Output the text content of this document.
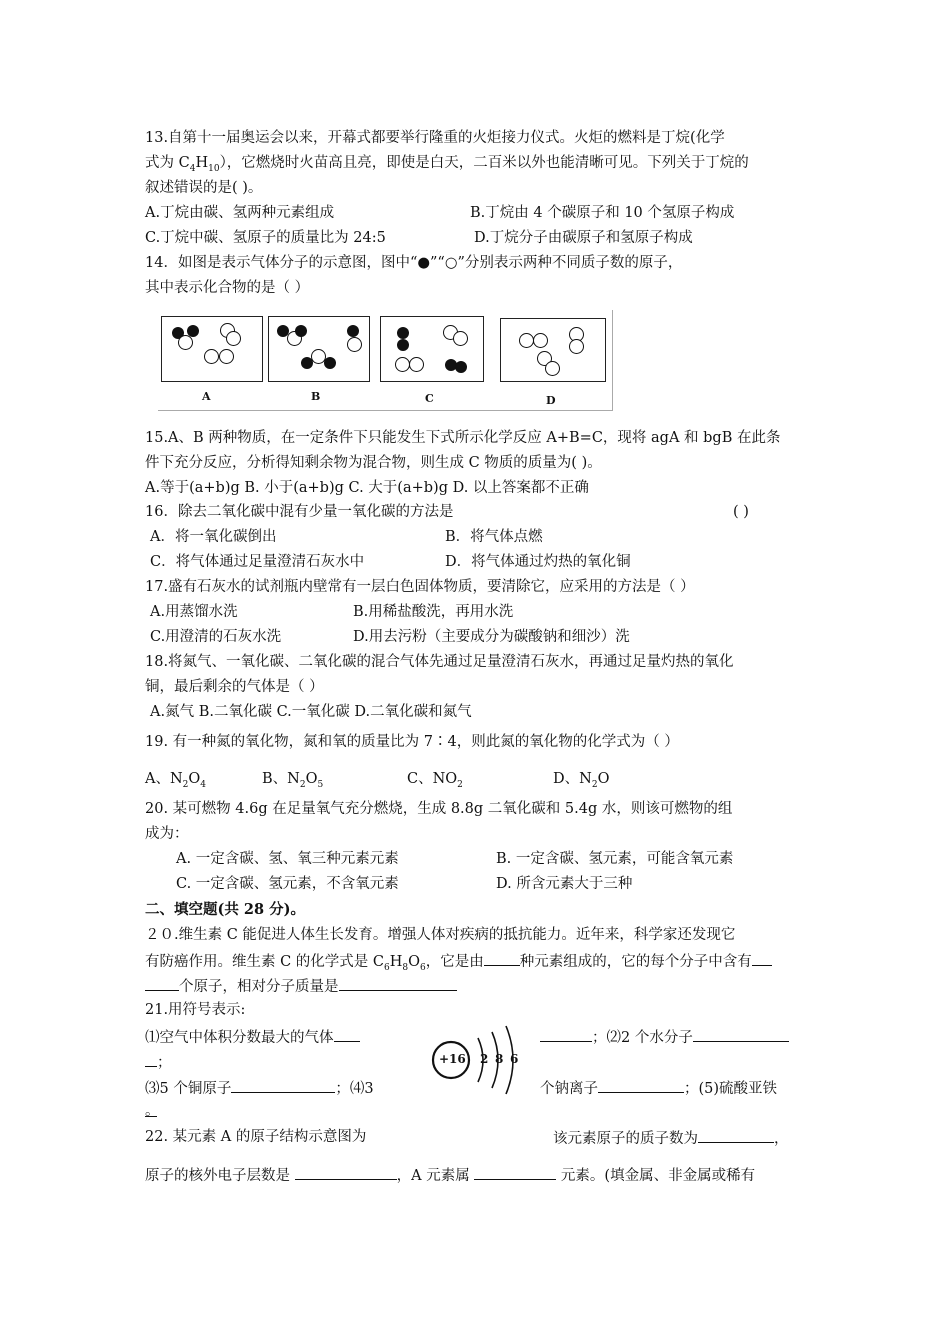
13.自第十一届奥运会以来，开幕式都要举行隆重的火炬接力仪式。火炬的燃料是丁烷(化学
式为 $C_4H_{10}$），它燃烧时火苗高且亮，即使是白天，二百米以外也能清晰可见。下列关于丁烷的
叙述错误的是( )。
A.丁烷由碳、氢两种元素组成	B.丁烷由 4 个碳原子和 10 个氢原子构成
C.丁烷中碳、氢原子的质量比为 24:5	D.丁烷分子由碳原子和氢原子构成
14．如图是表示气体分子的示意图，图中“●”“○”分别表示两种不同质子数的原子，
其中表示化合物的是（ ）
A	B	C	D
15.A、B 两种物质，在一定条件下只能发生下式所示化学反应 A+B=C，现将 agA 和 bgB 在此条
件下充分反应，分析得知剩余物为混合物，则生成 C 物质的质量为( )。
A.等于(a+b)g B. 小于(a+b)g C. 大于(a+b)g D. 以上答案都不正确
16．除去二氧化碳中混有少量一氧化碳的方法是	( )
A．将一氧化碳倒出	B．将气体点燃
C．将气体通过足量澄清石灰水中	D．将气体通过灼热的氧化铜
17.盛有石灰水的试剂瓶内壁常有一层白色固体物质，要清除它，应采用的方法是（ ）
A.用蒸馏水洗	B.用稀盐酸洗，再用水洗
C.用澄清的石灰水洗	D.用去污粉（主要成分为碳酸钠和细沙）洗
18.将氮气、一氧化碳、二氧化碳的混合气体先通过足量澄清石灰水，再通过足量灼热的氧化
铜，最后剩余的气体是（ ）
A.氮气 B.二氧化碳 C.一氧化碳 D.二氧化碳和氮气
19. 有一种氮的氧化物，氮和氧的质量比为 7∶4，则此氮的氧化物的化学式为（ ）
A、$N_2O_4$	B、$N_2O_5$	C、$NO_2$	D、$N_2O$
20. 某可燃物 4.6g 在足量氧气充分燃烧，生成 8.8g 二氧化碳和 5.4g 水，则该可燃物的组
成为：
A. 一定含碳、氢、氧三种元素元素	B. 一定含碳、氢元素，可能含氧元素
C. 一定含碳、氢元素，不含氧元素	D. 所含元素大于三种
二、填空题(共 28 分)。
２０.维生素 C 能促进人体生长发育。增强人体对疾病的抵抗能力。近年来，科学家还发现它
有防癌作用。维生素 C 的化学式是 $C_6H_8O_6$，它是由 种元素组成的，它的每个分子中含有
个原子，相对分子质量是
21.用符号表示:
⑴空气中体积分数最大的气体	；⑵2 个水分子
；
⑶5 个铜原子	；⑷3	个钠离子	；(5)硫酸亚铁
。
+16 2 8 6
22. 某元素 A 的原子结构示意图为	该元素原子的质子数为	，
原子的核外电子层数是	，A 元素属	元素。(填金属、非金属或稀有
